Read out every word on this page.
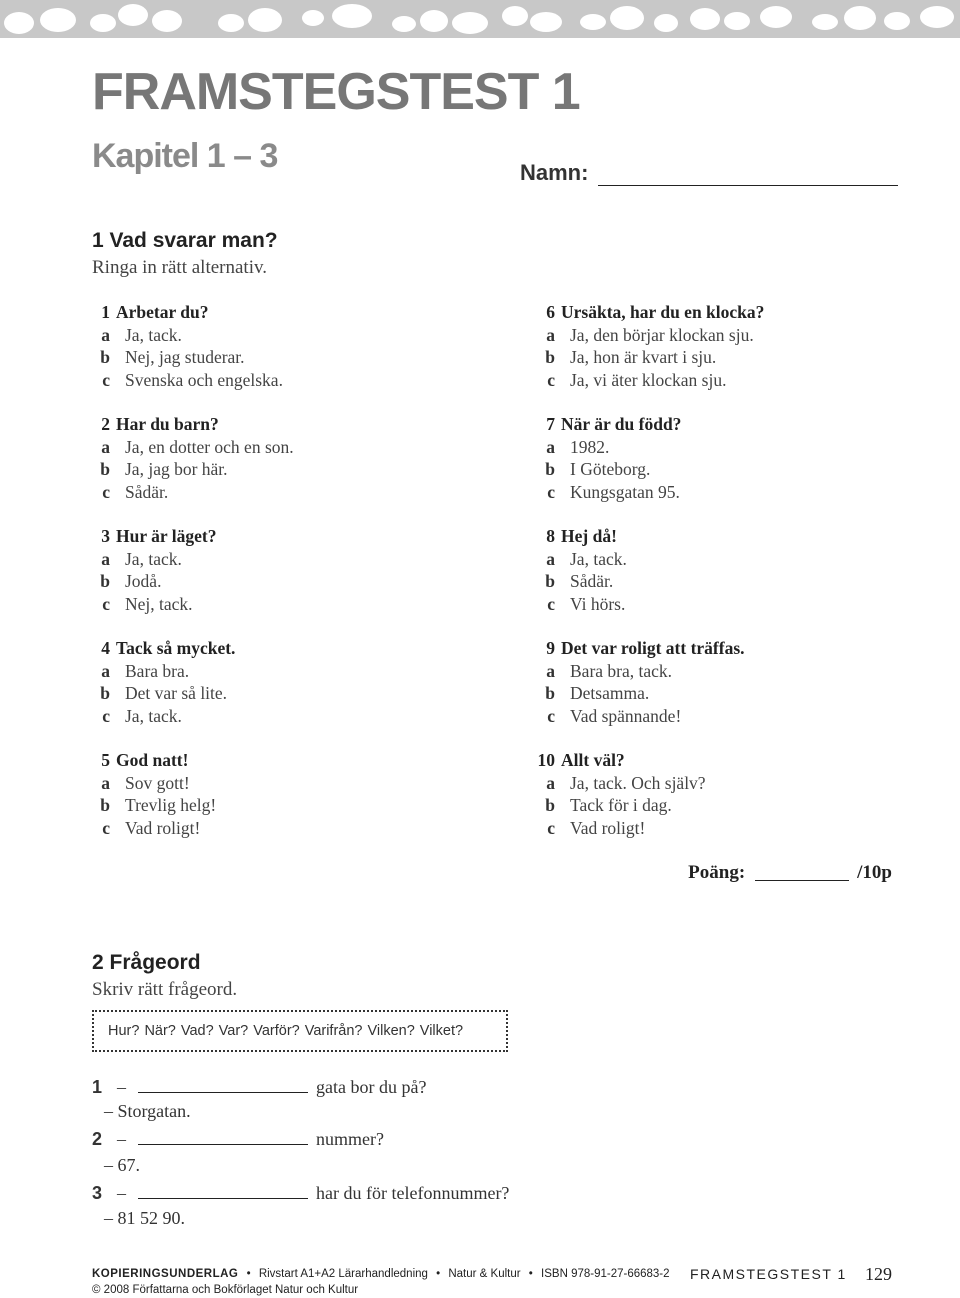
FRAMSTEGSTEST 1
Kapitel 1 – 3	Namn:
1 Vad svarar man?
Ringa in rätt alternativ.
1 Arbetar du?
a Ja, tack.
b Nej, jag studerar.
c Svenska och engelska.
2 Har du barn?
a Ja, en dotter och en son.
b Ja, jag bor här.
c Sådär.
3 Hur är läget?
a Ja, tack.
b Jodå.
c Nej, tack.
4 Tack så mycket.
a Bara bra.
b Det var så lite.
c Ja, tack.
5 God natt!
a Sov gott!
b Trevlig helg!
c Vad roligt!
6 Ursäkta, har du en klocka?
a Ja, den börjar klockan sju.
b Ja, hon är kvart i sju.
c Ja, vi äter klockan sju.
7 När är du född?
a 1982.
b I Göteborg.
c Kungsgatan 95.
8 Hej då!
a Ja, tack.
b Sådär.
c Vi hörs.
9 Det var roligt att träffas.
a Bara bra, tack.
b Detsamma.
c Vad spännande!
10 Allt väl?
a Ja, tack. Och själv?
b Tack för i dag.
c Vad roligt!
Poäng:	/10p
2 Frågeord
Skriv rätt frågeord.
Hur? När? Vad? Var? Varför? Varifrån? Vilken? Vilket?
1 –	gata bor du på?
– Storgatan.
2 –	nummer?
– 67.
3 –	har du för telefonnummer?
– 81 52 90.
KOPIERINGSUNDERLAG • Rivstart A1+A2 Lärarhandledning • Natur & Kultur • ISBN 978-91-27-66683-2
© 2008 Författarna och Bokförlaget Natur och Kultur
FRAMSTEGSTEST 1 129
